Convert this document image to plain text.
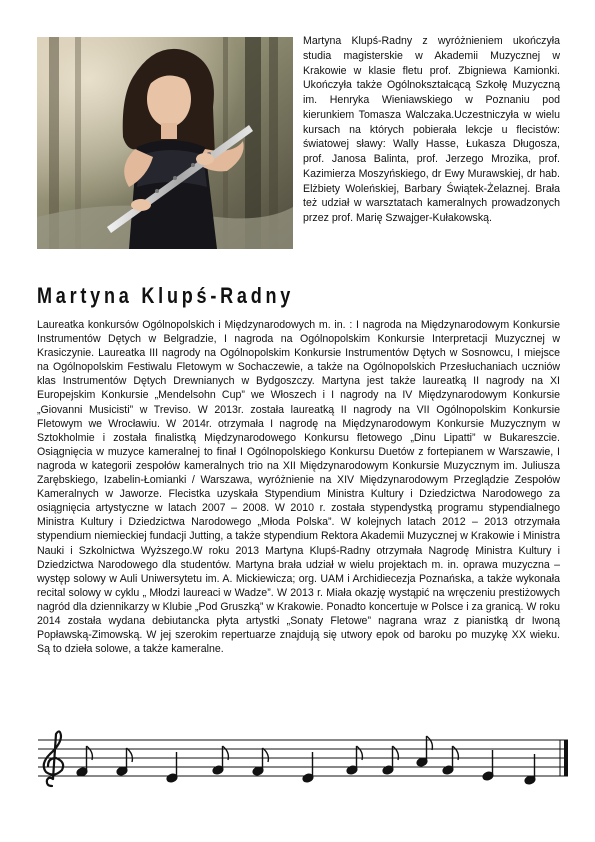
Martyna Klupś-Radny z wyróżnieniem ukończyła studia magisterskie w Akademii Muzycznej w Krakowie w klasie fletu prof. Zbigniewa Kamionki. Ukończyła także Ogólnokształcącą Szkołę Muzyczną im. Henryka Wieniawskiego w Poznaniu pod kierunkiem Tomasza Walczaka.Uczestniczyła w wielu kursach na których pobierała lekcje u flecistów: światowej sławy: Wally Hasse, Łukasza Długosza, prof. Janosa Balinta, prof. Jerzego Mrozika, prof. Kazimierza Moszyńskiego, dr Ewy Murawskiej, dr hab. Elżbiety Woleńskiej, Barbary Świątek-Żelaznej. Brała też udział w warsztatach kameralnych prowadzonych przez prof. Marię Szwajger-Kułakowską.
Martyna Klupś-Radny
Laureatka konkursów Ogólnopolskich i Międzynarodowych m. in. : I nagroda na Międzynarodowym Konkursie Instrumentów Dętych w Belgradzie, I nagroda na Ogólnopolskim Konkursie Interpretacji Muzycznej w Krasiczynie. Laureatka III nagrody na Ogólnopolskim Konkursie Instrumentów Dętych w Sosnowcu, I miejsce na Ogólnopolskim Festiwalu Fletowym w Sochaczewie, a także na Ogólnopolskich Przesłuchaniach uczniów klas Instrumentów Dętych Drewnianych w Bydgoszczy. Martyna jest także laureatką II nagrody na XI Europejskim Konkursie „Mendelsohn Cup” we Włoszech i I nagrody na IV Międzynarodowym Konkursie „Giovanni Musicisti” w Treviso. W 2013r. została laureatką II nagrody na VII Ogólnopolskim Konkursie Fletowym we Wrocławiu. W 2014r. otrzymała I nagrodę na Międzynarodowym Konkursie Muzycznym w Sztokholmie i została finalistką Międzynarodowego Konkursu fletowego „Dinu Lipatti” w Bukareszcie. Osiągnięcia w muzyce kameralnej to finał I Ogólnopolskiego Konkursu Duetów z fortepianem w Warszawie, I nagroda w kategorii zespołów kameralnych trio na XII Międzynarodowym Konkursie Muzycznym im. Juliusza Zarębskiego, Izabelin-Łomianki / Warszawa, wyróżnienie na XIV Międzynarodowym Przeglądzie Zespołów Kameralnych w Jaworze. Flecistka uzyskała Stypendium Ministra Kultury i Dziedzictwa Narodowego za osiągnięcia artystyczne w latach 2007 – 2008. W 2010 r. została stypendystką programu stypendialnego Ministra Kultury i Dziedzictwa Narodowego „Młoda Polska”. W kolejnych latach 2012 – 2013 otrzymała stypendium niemieckiej fundacji Jutting, a także stypendium Rektora Akademii Muzycznej w Krakowie i Ministra Nauki i Szkolnictwa Wyższego.W roku 2013 Martyna Klupś-Radny otrzymała Nagrodę Ministra Kultury i Dziedzictwa Narodowego dla studentów. Martyna brała udział w wielu projektach m. in. oprawa muzyczna – występ solowy w Auli Uniwersytetu im. A. Mickiewicza; org. UAM i Archidiecezja Poznańska, a także wykonała recital solowy w cyklu „ Młodzi laureaci w Wadze”. W 2013 r. Miała okazję wystąpić na wręczeniu prestiżowych nagród dla dziennikarzy w Klubie „Pod Gruszką” w Krakowie. Ponadto koncertuje w Polsce i za granicą. W roku 2014 została wydana debiutancka płyta artystki „Sonaty Fletowe” nagrana wraz z pianistką dr Iwoną Popławską-Zimowską. W jej szerokim repertuarze znajdują się utwory epok od baroku po muzykę XX wieku. Są to dzieła solowe, a także kameralne.
